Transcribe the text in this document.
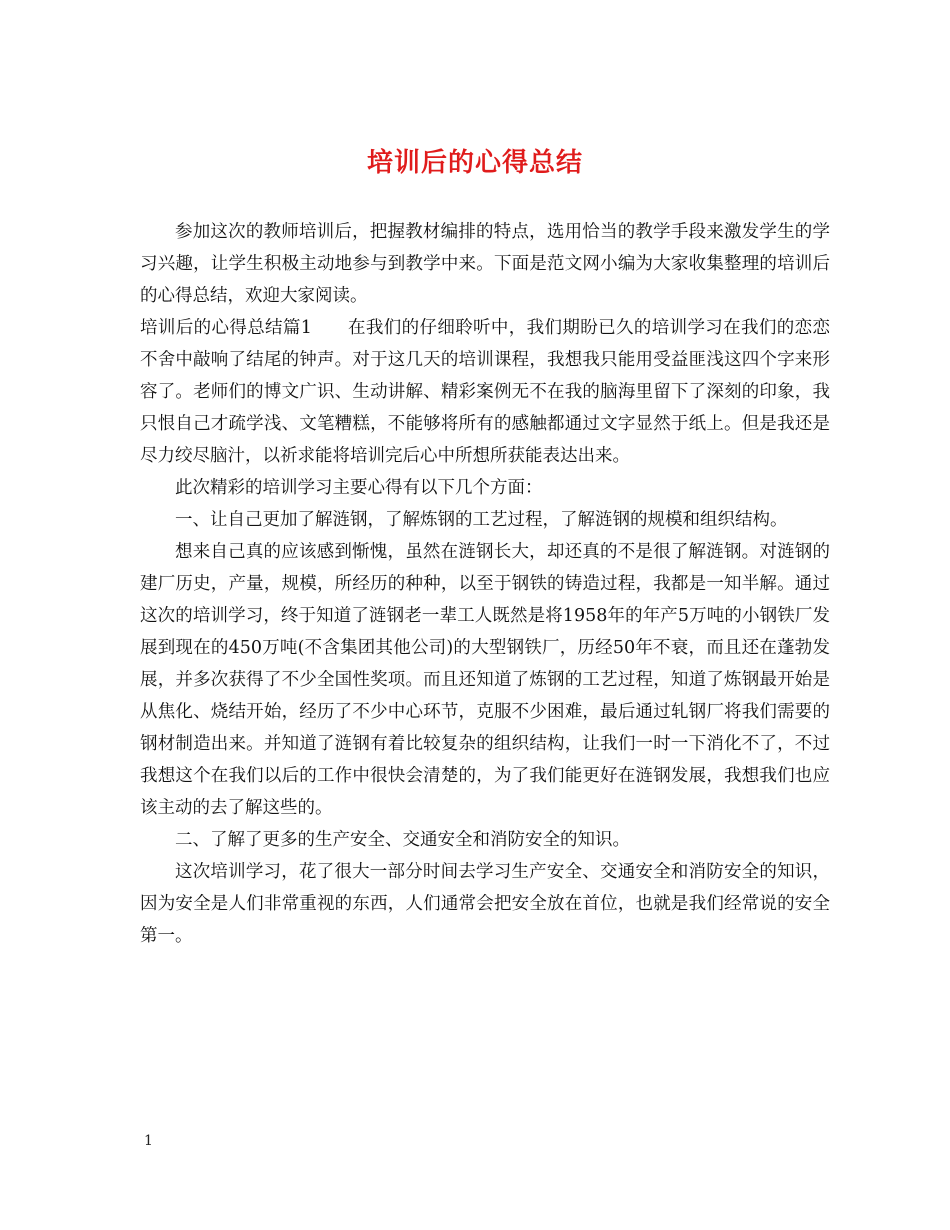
培训后的心得总结

参加这次的教师培训后，把握教材编排的特点，选用恰当的教学手段来激发学生的学习兴趣，让学生积极主动地参与到教学中来。下面是范文网小编为大家收集整理的培训后的心得总结，欢迎大家阅读。

培训后的心得总结篇1　　在我们的仔细聆听中，我们期盼已久的培训学习在我们的恋恋不舍中敲响了结尾的钟声。对于这几天的培训课程，我想我只能用受益匪浅这四个字来形容了。老师们的博文广识、生动讲解、精彩案例无不在我的脑海里留下了深刻的印象，我只恨自己才疏学浅、文笔糟糕，不能够将所有的感触都通过文字显然于纸上。但是我还是尽力绞尽脑汁，以祈求能将培训完后心中所想所获能表达出来。

此次精彩的培训学习主要心得有以下几个方面：

一、让自己更加了解涟钢，了解炼钢的工艺过程，了解涟钢的规模和组织结构。

想来自己真的应该感到惭愧，虽然在涟钢长大，却还真的不是很了解涟钢。对涟钢的建厂历史，产量，规模，所经历的种种，以至于钢铁的铸造过程，我都是一知半解。通过这次的培训学习，终于知道了涟钢老一辈工人既然是将1958年的年产5万吨的小钢铁厂发展到现在的450万吨(不含集团其他公司)的大型钢铁厂，历经50年不衰，而且还在蓬勃发展，并多次获得了不少全国性奖项。而且还知道了炼钢的工艺过程，知道了炼钢最开始是从焦化、烧结开始，经历了不少中心环节，克服不少困难，最后通过轧钢厂将我们需要的钢材制造出来。并知道了涟钢有着比较复杂的组织结构，让我们一时一下消化不了，不过我想这个在我们以后的工作中很快会清楚的，为了我们能更好在涟钢发展，我想我们也应该主动的去了解这些的。

二、了解了更多的生产安全、交通安全和消防安全的知识。

这次培训学习，花了很大一部分时间去学习生产安全、交通安全和消防安全的知识，因为安全是人们非常重视的东西，人们通常会把安全放在首位，也就是我们经常说的安全第一。

1
